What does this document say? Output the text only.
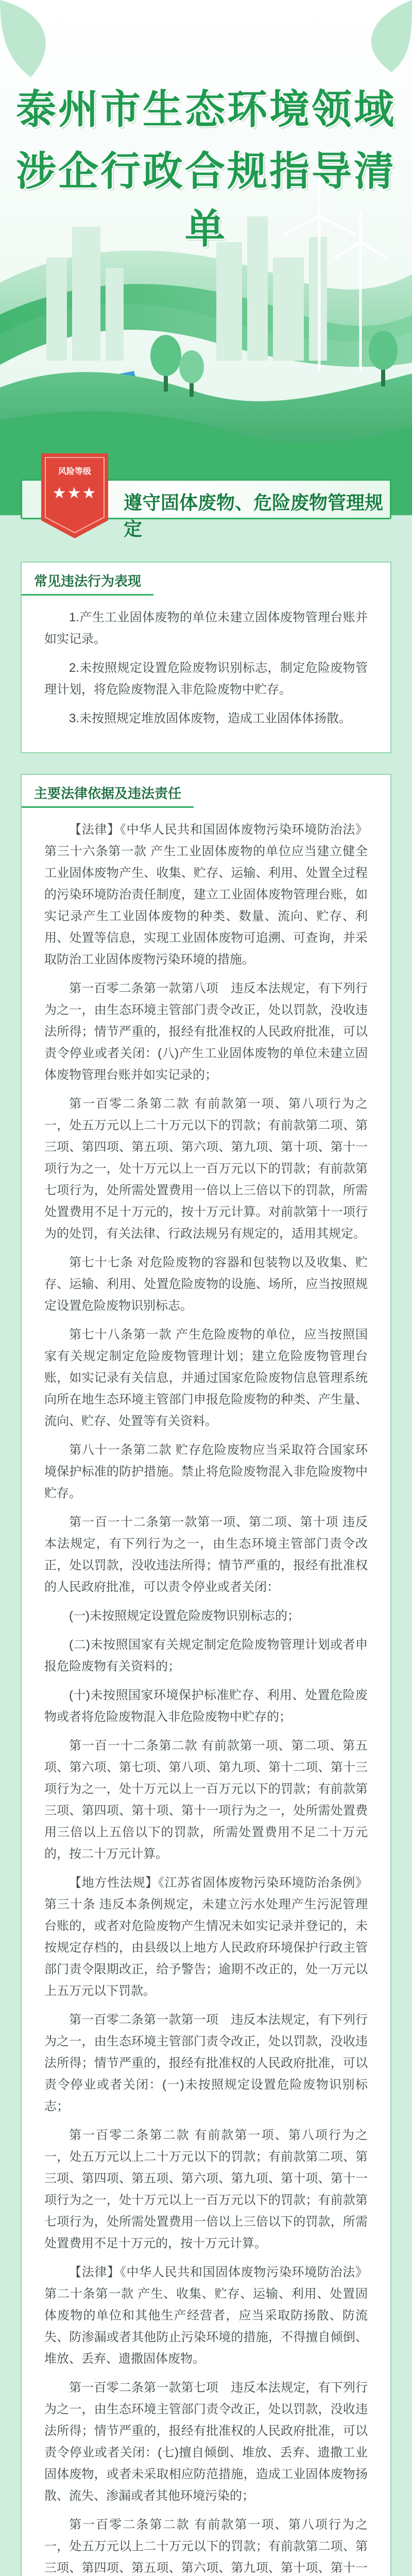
泰州市生态环境领域
涉企行政合规指导清单
风险等级
★★★	遵守固体废物、危险废物管理规定
常见违法行为表现

1.产生工业固体废物的单位未建立固体废物管理台账并如实记录。

2.未按照规定设置危险废物识别标志，制定危险废物管理计划，将危险废物混入非危险废物中贮存。

3.未按照规定堆放固体废物，造成工业固体体扬散。

主要法律依据及违法责任

【法律】《中华人民共和国固体废物污染环境防治法》第三十六条第一款 产生工业固体废物的单位应当建立健全工业固体废物产生、收集、贮存、运输、利用、处置全过程的污染环境防治责任制度，建立工业固体废物管理台账，如实记录产生工业固体废物的种类、数量、流向、贮存、利用、处置等信息，实现工业固体废物可追溯、可查询，并采取防治工业固体废物污染环境的措施。

第一百零二条第一款第八项　违反本法规定，有下列行为之一，由生态环境主管部门责令改正，处以罚款，没收违法所得；情节严重的，报经有批准权的人民政府批准，可以责令停业或者关闭：(八)产生工业固体废物的单位未建立固体废物管理台账并如实记录的；

第一百零二条第二款 有前款第一项、第八项行为之一，处五万元以上二十万元以下的罚款；有前款第二项、第三项、第四项、第五项、第六项、第九项、第十项、第十一项行为之一，处十万元以上一百万元以下的罚款；有前款第七项行为，处所需处置费用一倍以上三倍以下的罚款，所需处置费用不足十万元的，按十万元计算。对前款第十一项行为的处罚，有关法律、行政法规另有规定的，适用其规定。

第七十七条 对危险废物的容器和包装物以及收集、贮存、运输、利用、处置危险废物的设施、场所，应当按照规定设置危险废物识别标志。

第七十八条第一款 产生危险废物的单位，应当按照国家有关规定制定危险废物管理计划；建立危险废物管理台账，如实记录有关信息，并通过国家危险废物信息管理系统向所在地生态环境主管部门申报危险废物的种类、产生量、流向、贮存、处置等有关资料。

第八十一条第二款 贮存危险废物应当采取符合国家环境保护标准的防护措施。禁止将危险废物混入非危险废物中贮存。

第一百一十二条第一款第一项、第二项、第十项 违反本法规定，有下列行为之一，由生态环境主管部门责令改正，处以罚款，没收违法所得；情节严重的，报经有批准权的人民政府批准，可以责令停业或者关闭：

(一)未按照规定设置危险废物识别标志的；

(二)未按照国家有关规定制定危险废物管理计划或者申报危险废物有关资料的；

(十)未按照国家环境保护标准贮存、利用、处置危险废物或者将危险废物混入非危险废物中贮存的；

第一百一十二条第二款 有前款第一项、第二项、第五项、第六项、第七项、第八项、第九项、第十二项、第十三项行为之一，处十万元以上一百万元以下的罚款；有前款第三项、第四项、第十项、第十一项行为之一，处所需处置费用三倍以上五倍以下的罚款，所需处置费用不足二十万元的，按二十万元计算。

【地方性法规】《江苏省固体废物污染环境防治条例》第三十条 违反本条例规定，未建立污水处理产生污泥管理台账的，或者对危险废物产生情况未如实记录并登记的，未按规定存档的，由县级以上地方人民政府环境保护行政主管部门责令限期改正，给予警告；逾期不改正的，处一万元以上五万元以下罚款。

第一百零二条第一款第一项　违反本法规定，有下列行为之一，由生态环境主管部门责令改正，处以罚款，没收违法所得；情节严重的，报经有批准权的人民政府批准，可以责令停业或者关闭：(一)未按照规定设置危险废物识别标志；

第一百零二条第二款 有前款第一项、第八项行为之一，处五万元以上二十万元以下的罚款；有前款第二项、第三项、第四项、第五项、第六项、第九项、第十项、第十一项行为之一，处十万元以上一百万元以下的罚款；有前款第七项行为，处所需处置费用一倍以上三倍以下的罚款，所需处置费用不足十万元的，按十万元计算。

【法律】《中华人民共和国固体废物污染环境防治法》第二十条第一款 产生、收集、贮存、运输、利用、处置固体废物的单位和其他生产经营者，应当采取防扬散、防流失、防渗漏或者其他防止污染环境的措施，不得擅自倾倒、堆放、丢弃、遗撒固体废物。

第一百零二条第一款第七项　违反本法规定，有下列行为之一，由生态环境主管部门责令改正，处以罚款，没收违法所得；情节严重的，报经有批准权的人民政府批准，可以责令停业或者关闭：(七)擅自倾倒、堆放、丢弃、遗撒工业固体废物，或者未采取相应防范措施，造成工业固体废物扬散、流失、渗漏或者其他环境污染的；

第一百零二条第二款 有前款第一项、第八项行为之一，处五万元以上二十万元以下的罚款；有前款第二项、第三项、第四项、第五项、第六项、第九项、第十项、第十一
